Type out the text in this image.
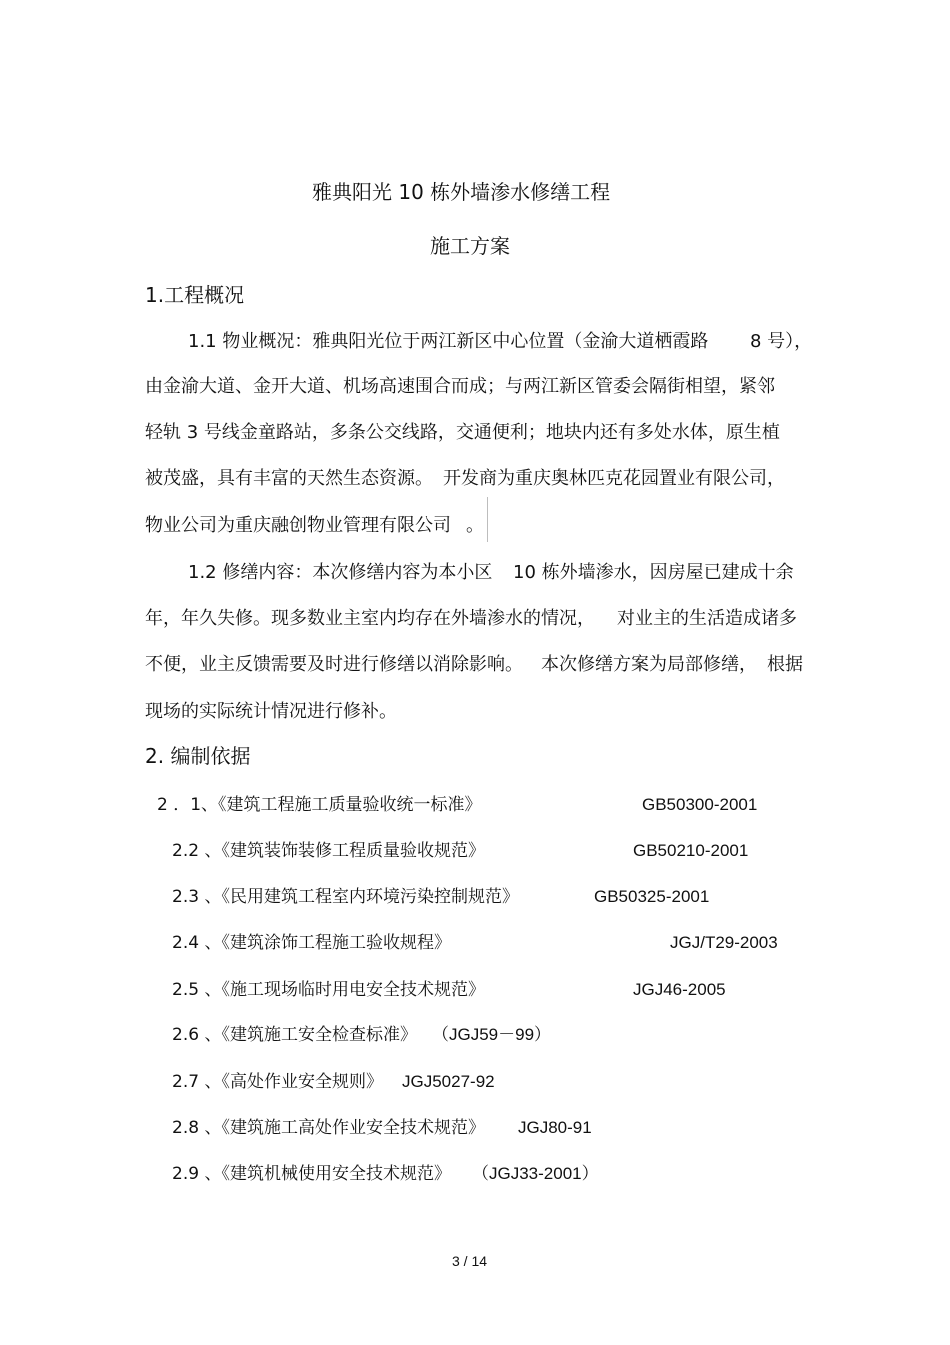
雅典阳光 10 栋外墙渗水修缮工程
施工方案
1.工程概况
1.1 物业概况：雅典阳光位于两江新区中心位置（金渝大道栖霞路 8 号），
由金渝大道、金开大道、机场高速围合而成；与两江新区管委会隔街相望，紧邻
轻轨 3 号线金童路站，多条公交线路，交通便利；地块内还有多处水体，原生植
被茂盛，具有丰富的天然生态资源。 开发商为重庆奥林匹克花园置业有限公司，
物业公司为重庆融创物业管理有限公司 。
1.2 修缮内容：本次修缮内容为本小区 10 栋外墙渗水，因房屋已建成十余
年，年久失修。现多数业主室内均存在外墙渗水的情况， 对业主的生活造成诸多
不便，业主反馈需要及时进行修缮以消除影响。 本次修缮方案为局部修缮， 根据
现场的实际统计情况进行修补。
2. 编制依据
2 ．1、《建筑工程施工质量验收统一标准》	GB50300-2001
2.2 、《建筑装饰装修工程质量验收规范》	GB50210-2001
2.3 、《民用建筑工程室内环境污染控制规范》	GB50325-2001
2.4 、《建筑涂饰工程施工验收规程》	JGJ/T29-2003
2.5 、《施工现场临时用电安全技术规范》	JGJ46-2005
2.6 、《建筑施工安全检查标准》 （JGJ59－99）
2.7 、《高处作业安全规则》 JGJ5027-92
2.8 、《建筑施工高处作业安全技术规范》 JGJ80-91
2.9 、《建筑机械使用安全技术规范》 （JGJ33-2001）
3 / 14
